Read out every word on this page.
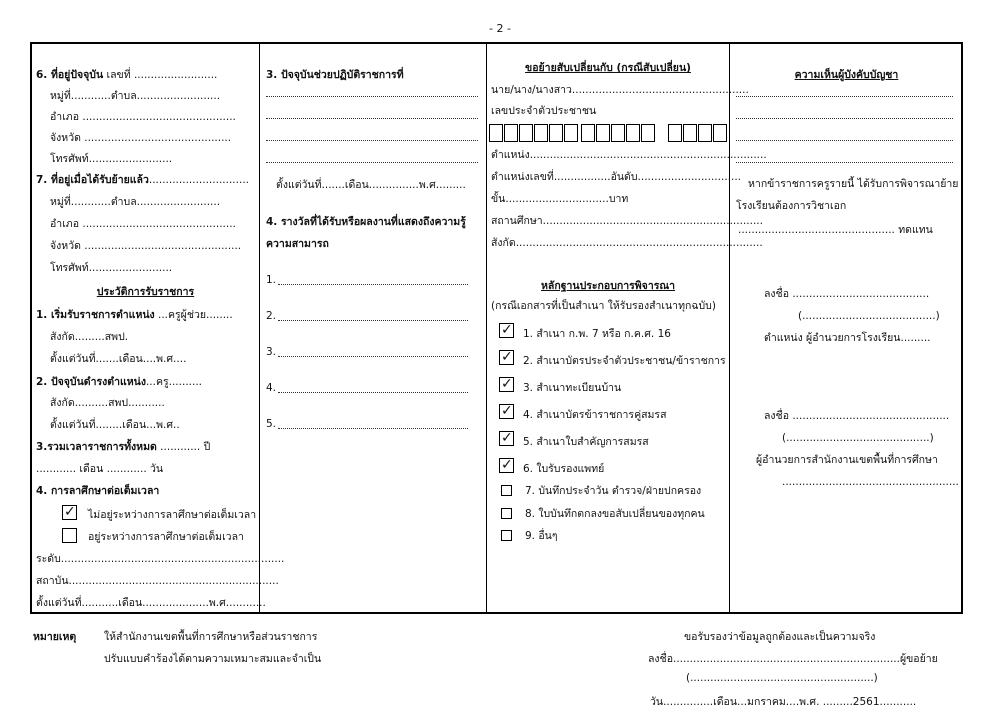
- 2 -
6. ที่อยู่ปัจจุบัน เลขที่ .........................
หมู่ที่............ตำบล.........................
อำเภอ ..............................................
จังหวัด ............................................
โทรศัพท์.........................
7. ที่อยู่เมื่อได้รับย้ายแล้ว..............................
หมู่ที่............ตำบล.........................
อำเภอ ..............................................
จังหวัด ...............................................
โทรศัพท์.........................
ประวัติการรับราชการ
1. เริ่มรับราชการตำแหน่ง ...ครูผู้ช่วย........
สังกัด.........สพป.
ตั้งแต่วันที่.......เดือน....พ.ศ....
2. ปัจจุบันดำรงตำแหน่ง...ครู..........
สังกัด..........สพป...........
ตั้งแต่วันที่........เดือน...พ.ศ..
3.รวมเวลาราชการทั้งหมด ............ ปี
............ เดือน ............ วัน
4. การลาศึกษาต่อเต็มเวลา
✓
ไม่อยู่ระหว่างการลาศึกษาต่อเต็มเวลา
อยู่ระหว่างการลาศึกษาต่อเต็มเวลา
ระดับ...................................................................
สถาบัน...............................................................
ตั้งแต่วันที่...........เดือน....................พ.ศ............
3. ปัจจุบันช่วยปฏิบัติราชการที่
ตั้งแต่วันที่.......เดือน...............พ.ศ.........
4. รางวัลที่ได้รับหรือผลงานที่แสดงถึงความรู้
ความสามารถ
1.
2.
3.
4.
5.
ขอย้ายสับเปลี่ยนกับ (กรณีสับเปลี่ยน)
นาย/นาง/นางสาว.....................................................
เลขประจำตัวประชาชน
ตำแหน่ง.......................................................................
ตำแหน่งเลขที่.................อันดับ...............................
ขั้น...............................บาท
สถานศึกษา..................................................................
สังกัด..........................................................................
หลักฐานประกอบการพิจารณา
(กรณีเอกสารที่เป็นสำเนา ให้รับรองสำเนาทุกฉบับ)
✓
1. สำเนา ก.พ. 7 หรือ ก.ค.ศ. 16
✓
2. สำเนาบัตรประจำตัวประชาชน/ข้าราชการ
✓
3. สำเนาทะเบียนบ้าน
✓
4. สำเนาบัตรข้าราชการคู่สมรส
✓
5. สำเนาใบสำคัญการสมรส
✓
6. ใบรับรองแพทย์
7. บันทึกประจำวัน ตำรวจ/ฝ่ายปกครอง
8. ใบบันทึกตกลงขอสับเปลี่ยนของทุกคน
9. อื่นๆ
ความเห็นผู้บังคับบัญชา
หากข้าราชการครูรายนี้ ได้รับการพิจารณาย้าย
โรงเรียนต้องการวิชาเอก
............................................... ทดแทน
ลงชื่อ .........................................
(........................................)
ตำแหน่ง ผู้อำนวยการโรงเรียน.........
ลงชื่อ ...............................................
(...........................................)
ผู้อำนวยการสำนักงานเขตพื้นที่การศึกษา
.....................................................
หมายเหตุ	ให้สำนักงานเขตพื้นที่การศึกษาหรือส่วนราชการ
ปรับแบบคำร้องได้ตามความเหมาะสมและจำเป็น
ขอรับรองว่าข้อมูลถูกต้องและเป็นความจริง
ลงชื่อ....................................................................ผู้ขอย้าย
(.......................................................)
วัน...............เดือน...มกราคม....พ.ศ. .........2561...........
